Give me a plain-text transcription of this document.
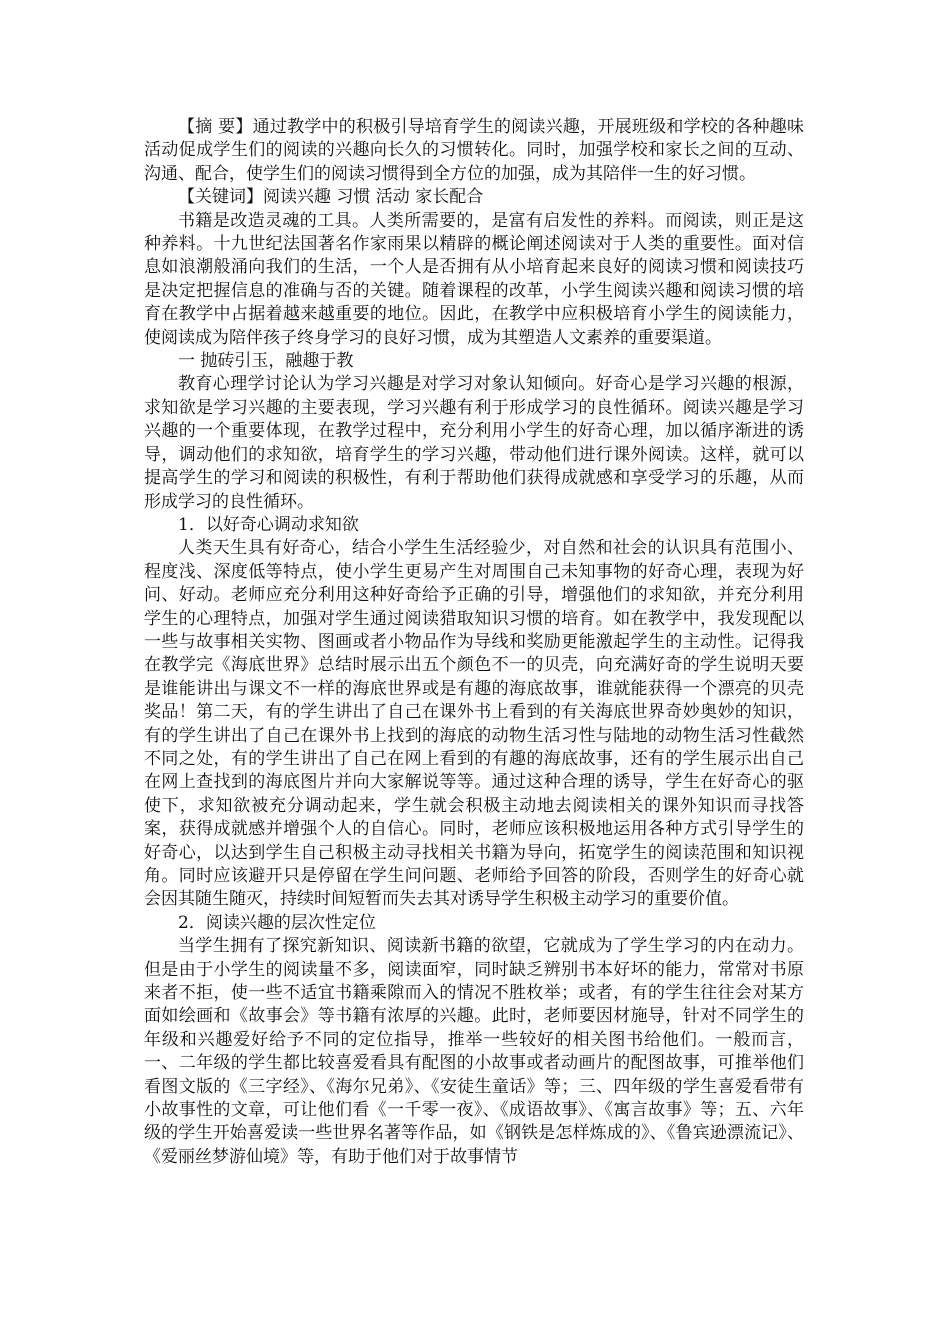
【摘 要】通过教学中的积极引导培育学生的阅读兴趣，开展班级和学校的各种趣味活动促成学生们的阅读的兴趣向长久的习惯转化。同时，加强学校和家长之间的互动、沟通、配合，使学生们的阅读习惯得到全方位的加强，成为其陪伴一生的好习惯。

【关键词】阅读兴趣 习惯 活动 家长配合

书籍是改造灵魂的工具。人类所需要的，是富有启发性的养料。而阅读，则正是这种养料。十九世纪法国著名作家雨果以精辟的概论阐述阅读对于人类的重要性。面对信息如浪潮般涌向我们的生活，一个人是否拥有从小培育起来良好的阅读习惯和阅读技巧是决定把握信息的准确与否的关键。随着课程的改革，小学生阅读兴趣和阅读习惯的培育在教学中占据着越来越重要的地位。因此，在教学中应积极培育小学生的阅读能力，使阅读成为陪伴孩子终身学习的良好习惯，成为其塑造人文素养的重要渠道。

一 抛砖引玉，融趣于教

教育心理学讨论认为学习兴趣是对学习对象认知倾向。好奇心是学习兴趣的根源，求知欲是学习兴趣的主要表现，学习兴趣有利于形成学习的良性循环。阅读兴趣是学习兴趣的一个重要体现，在教学过程中，充分利用小学生的好奇心理，加以循序渐进的诱导，调动他们的求知欲，培育学生的学习兴趣，带动他们进行课外阅读。这样，就可以提高学生的学习和阅读的积极性，有利于帮助他们获得成就感和享受学习的乐趣，从而形成学习的良性循环。

1．以好奇心调动求知欲

人类天生具有好奇心，结合小学生生活经验少，对自然和社会的认识具有范围小、程度浅、深度低等特点，使小学生更易产生对周围自己未知事物的好奇心理，表现为好问、好动。老师应充分利用这种好奇给予正确的引导，增强他们的求知欲，并充分利用学生的心理特点，加强对学生通过阅读猎取知识习惯的培育。如在教学中，我发现配以一些与故事相关实物、图画或者小物品作为导线和奖励更能激起学生的主动性。记得我在教学完《海底世界》总结时展示出五个颜色不一的贝壳，向充满好奇的学生说明天要是谁能讲出与课文不一样的海底世界或是有趣的海底故事，谁就能获得一个漂亮的贝壳奖品！第二天，有的学生讲出了自己在课外书上看到的有关海底世界奇妙奥妙的知识，有的学生讲出了自己在课外书上找到的海底的动物生活习性与陆地的动物生活习性截然不同之处，有的学生讲出了自己在网上看到的有趣的海底故事，还有的学生展示出自己在网上查找到的海底图片并向大家解说等等。通过这种合理的诱导，学生在好奇心的驱使下，求知欲被充分调动起来，学生就会积极主动地去阅读相关的课外知识而寻找答案，获得成就感并增强个人的自信心。同时，老师应该积极地运用各种方式引导学生的好奇心，以达到学生自己积极主动寻找相关书籍为导向，拓宽学生的阅读范围和知识视角。同时应该避开只是停留在学生问问题、老师给予回答的阶段，否则学生的好奇心就会因其随生随灭，持续时间短暂而失去其对诱导学生积极主动学习的重要价值。

2．阅读兴趣的层次性定位

当学生拥有了探究新知识、阅读新书籍的欲望，它就成为了学生学习的内在动力。但是由于小学生的阅读量不多，阅读面窄，同时缺乏辨别书本好坏的能力，常常对书原来者不拒，使一些不适宜书籍乘隙而入的情况不胜枚举；或者，有的学生往往会对某方面如绘画和《故事会》等书籍有浓厚的兴趣。此时，老师要因材施导，针对不同学生的年级和兴趣爱好给予不同的定位指导，推举一些较好的相关图书给他们。一般而言，一、二年级的学生都比较喜爱看具有配图的小故事或者动画片的配图故事，可推举他们看图文版的《三字经》、《海尔兄弟》、《安徒生童话》等；三、四年级的学生喜爱看带有小故事性的文章，可让他们看《一千零一夜》、《成语故事》、《寓言故事》等；五、六年级的学生开始喜爱读一些世界名著等作品，如《钢铁是怎样炼成的》、《鲁宾逊漂流记》、《爱丽丝梦游仙境》等，有助于他们对于故事情节
